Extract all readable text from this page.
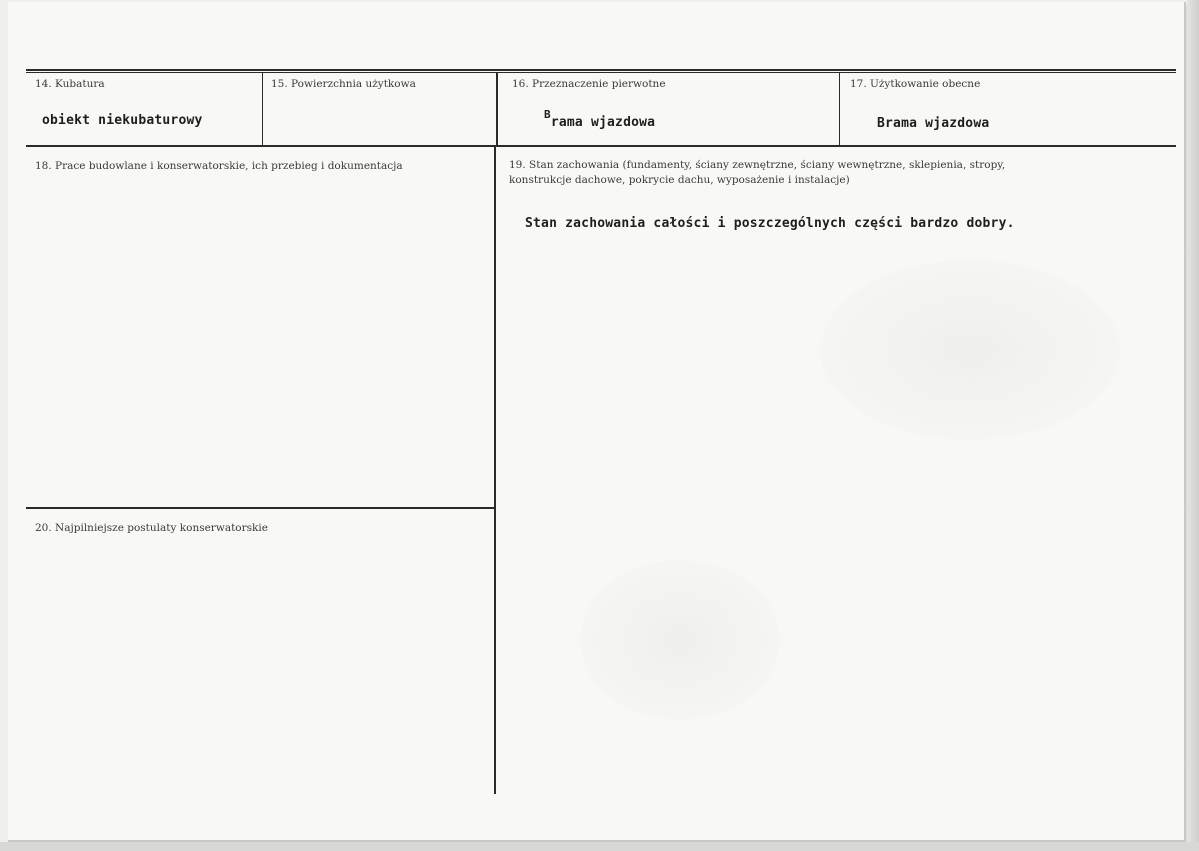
14. Kubatura
obiekt niekubaturowy
15. Powierzchnia użytkowa	16. Przeznaczenie pierwotne
$^B$rama wjazdowa
17. Użytkowanie obecne
Brama wjazdowa
18. Prace budowlane i konserwatorskie, ich przebieg i dokumentacja	19. Stan zachowania (fundamenty, ściany zewnętrzne, ściany wewnętrzne, sklepienia, stropy,
konstrukcje dachowe, pokrycie dachu, wyposażenie i instalacje)
Stan zachowania całości i poszczególnych części bardzo dobry.
20. Najpilniejsze postulaty konserwatorskie
